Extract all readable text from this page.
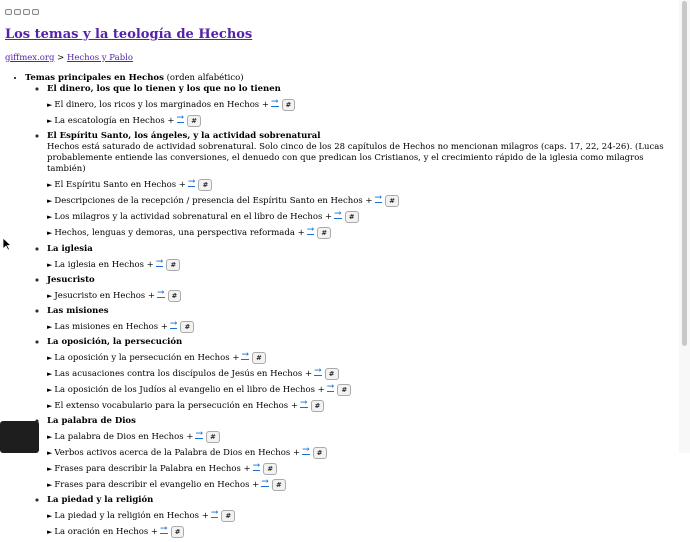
Los temas y la teología de Hechos
giffmex.org > Hechos y Pablo
• Temas principales en Hechos (orden alfabético)
◦ El dinero, los que lo tienen y los que no lo tienen
► El dinero, los ricos y los marginados en Hechos + → #
► La escatología en Hechos + → #
◦ El Espíritu Santo, los ángeles, y la actividad sobrenatural
Hechos está saturado de actividad sobrenatural. Solo cinco de los 28 capítulos de Hechos no mencionan milagros (caps. 17, 22, 24-26). (Lucas probablemente entiende las conversiones, el denuedo con que predican los Cristianos, y el crecimiento rápido de la iglesia como milagros también)
► El Espíritu Santo en Hechos + → #
► Descripciones de la recepción / presencia del Espíritu Santo en Hechos + → #
► Los milagros y la actividad sobrenatural en el libro de Hechos + → #
► Hechos, lenguas y demoras, una perspectiva reformada + → #
◦ La iglesia
► La iglesia en Hechos + → #
◦ Jesucristo
► Jesucristo en Hechos + → #
◦ Las misiones
► Las misiones en Hechos + → #
◦ La oposición, la persecución
► La oposición y la persecución en Hechos + → #
► Las acusaciones contra los discípulos de Jesús en Hechos + → #
► La oposición de los Judíos al evangelio en el libro de Hechos + → #
► El extenso vocabulario para la persecución en Hechos + → #
◦ La palabra de Dios
► La palabra de Dios en Hechos + → #
► Verbos activos acerca de la Palabra de Dios en Hechos + → #
► Frases para describir la Palabra en Hechos + → #
► Frases para describir el evangelio en Hechos + → #
◦ La piedad y la religión
► La piedad y la religión en Hechos + → #
► La oración en Hechos + → #
